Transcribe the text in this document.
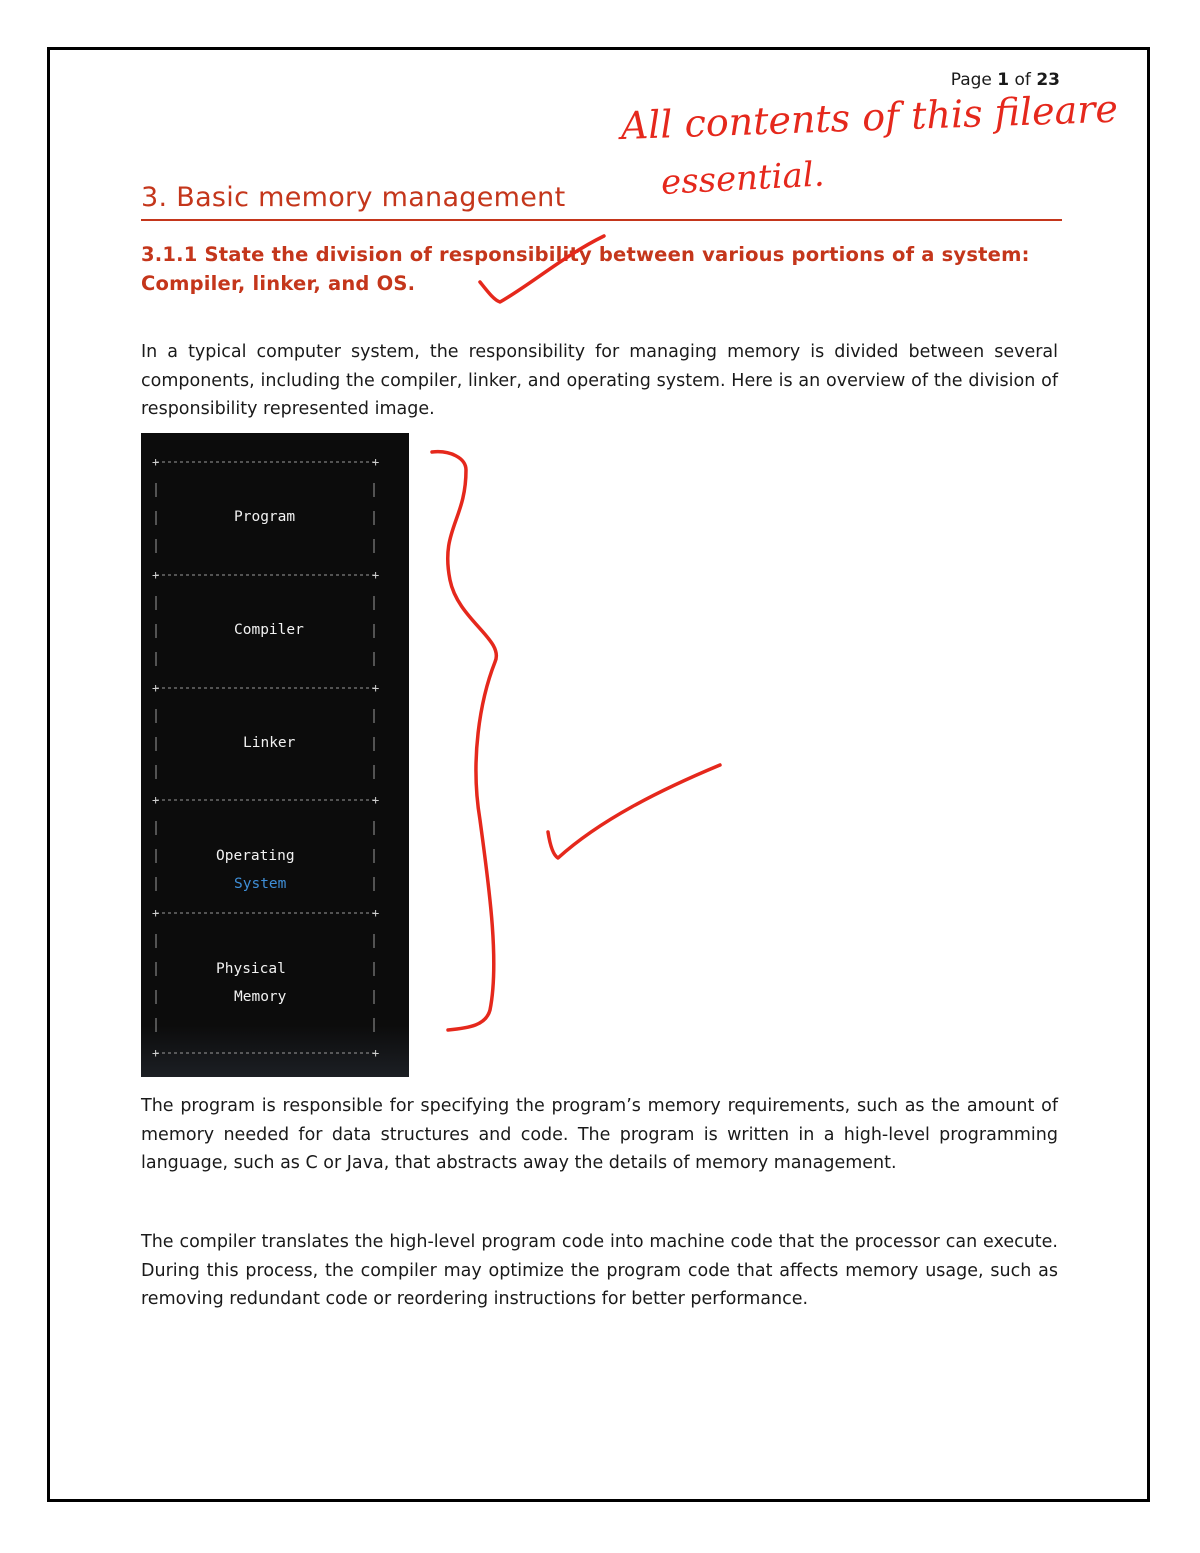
Page 1 of 23
3. Basic memory management
3.1.1 State the division of responsibility between various portions of a system: Compiler, linker, and OS.

In a typical computer system, the responsibility for managing memory is divided between several components, including the compiler, linker, and operating system. Here is an overview of the division of responsibility represented image.

+	+
+	+
+	+
+	+
+	+
+	+
Program
Compiler
Linker
Operating
System
Physical
Memory

The program is responsible for specifying the program’s memory requirements, such as the amount of memory needed for data structures and code. The program is written in a high-level programming language, such as C or Java, that abstracts away the details of memory management.

The compiler translates the high-level program code into machine code that the processor can execute. During this process, the compiler may optimize the program code that affects memory usage, such as removing redundant code or reordering instructions for better performance.

All contents of this fileare
essential.
